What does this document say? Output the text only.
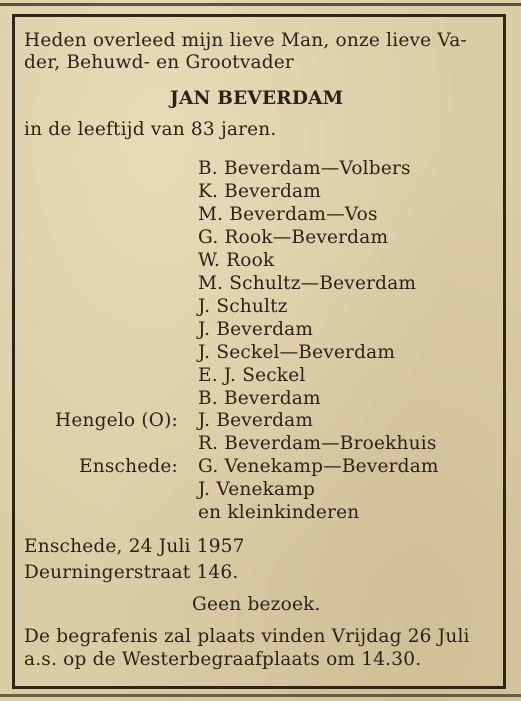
Heden overleed mijn lieve Man, onze lieve Va-
der, Behuwd- en Grootvader
JAN BEVERDAM
in de leeftijd van 83 jaren.
B. Beverdam—Volbers
K. Beverdam
M. Beverdam—Vos
G. Rook—Beverdam
W. Rook
M. Schultz—Beverdam
J. Schultz
J. Beverdam
J. Seckel—Beverdam
E. J. Seckel
B. Beverdam
Hengelo (O): J. Beverdam
R. Beverdam—Broekhuis
Enschede: G. Venekamp—Beverdam
J. Venekamp
en kleinkinderen
Enschede, 24 Juli 1957
Deurningerstraat 146.
Geen bezoek.
De begrafenis zal plaats vinden Vrijdag 26 Juli
a.s. op de Westerbegraafplaats om 14.30.
